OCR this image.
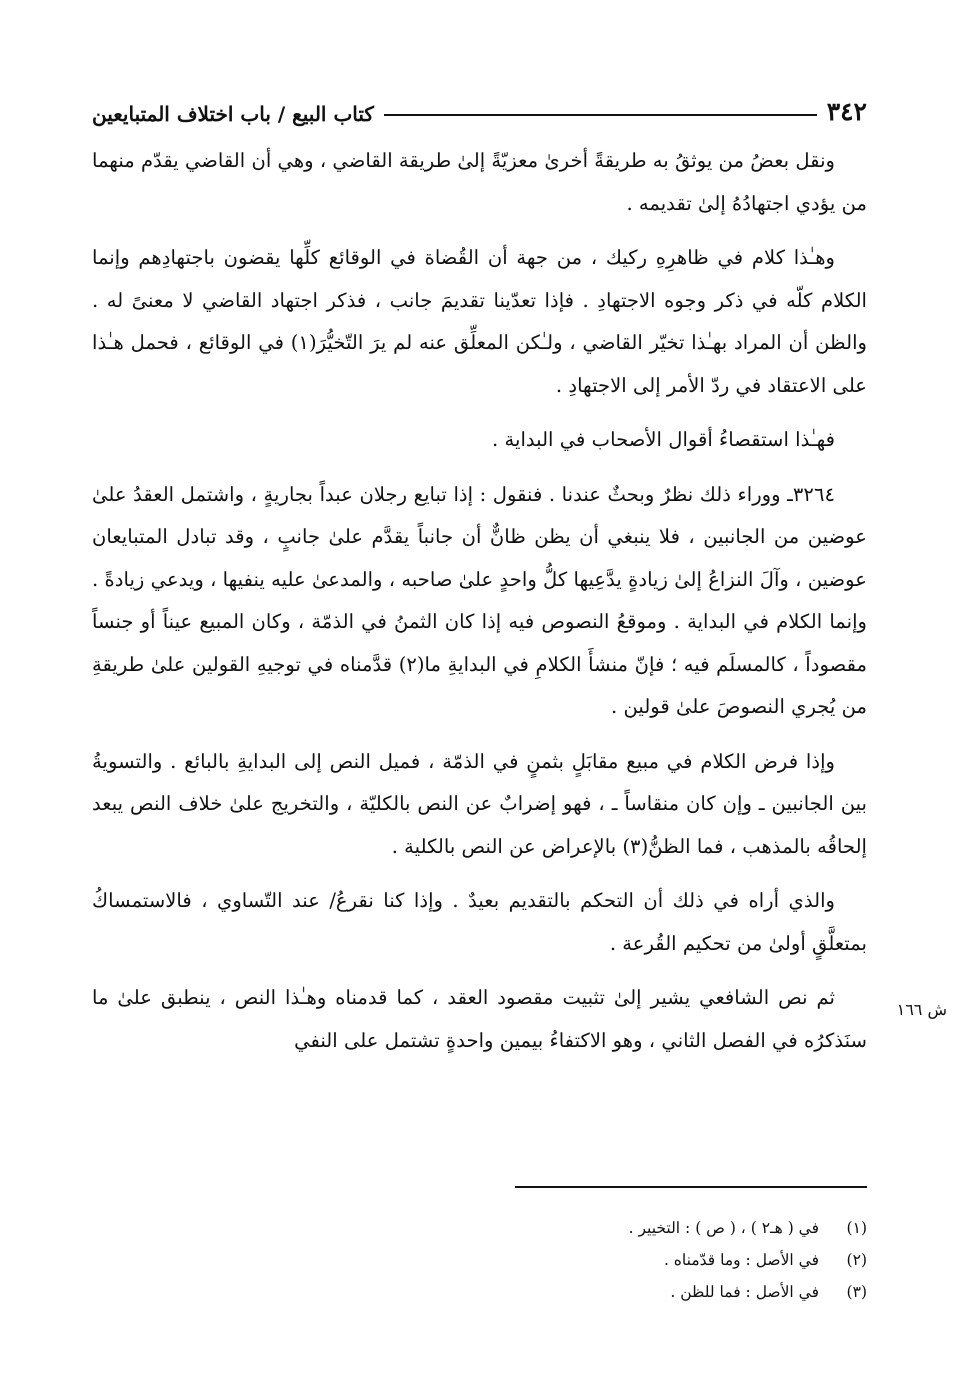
٣٤٢
كتاب البيع / باب اختلاف المتبايعين

ونقل بعضُ من يوثقُ به طريقةً أخرىٰ معزيّةً إلىٰ طريقة القاضي ، وهي أن القاضي يقدّم منهما من يؤدي اجتهادُهُ إلىٰ تقديمه .

وهـٰذا كلام في ظاهرِهِ ركيك ، من جهة أن القُضاة في الوقائع كلِّها يقضون باجتهادِهم وإنما الكلام كلّه في ذكر وجوه الاجتهادِ . فإذا تعدّينا تقديمَ جانب ، فذكر اجتهاد القاضي لا معنىً له . والظن أن المراد بهـٰذا تخيّر القاضي ، ولـٰكن المعلِّق عنه لم يرَ التّخيُّرَ(١) في الوقائع ، فحمل هـٰذا على الاعتقاد في ردّ الأمر إلى الاجتهادِ .

فهـٰذا استقصاءُ أقوال الأصحاب في البداية .

٣٢٦٤ـ ووراء ذلك نظرٌ وبحثٌ عندنا . فنقول : إذا تبايع رجلان عبداً بجاريةٍ ، واشتمل العقدُ علىٰ عوضين من الجانبين ، فلا ينبغي أن يظن ظانٌّ أن جانباً يقدَّم علىٰ جانبٍ ، وقد تبادل المتبايعان عوضين ، وآلَ النزاعُ إلىٰ زيادةٍ يدَّعِيها كلُّ واحدٍ علىٰ صاحبه ، والمدعىٰ عليه ينفيها ، ويدعي زيادةً . وإنما الكلام في البداية . وموقعُ النصوص فيه إذا كان الثمنُ في الذمّة ، وكان المبيع عيناً أو جنساً مقصوداً ، كالمسلَم فيه ؛ فإنّ منشأَ الكلامِ في البدايةِ ما(٢) قدَّمناه في توجيهِ القولين علىٰ طريقةِ من يُجري النصوصَ علىٰ قولين .

وإذا فرض الكلام في مبيع مقابَلٍ بثمنٍ في الذمّة ، فميل النص إلى البدايةِ بالبائع . والتسويةُ بين الجانبين ـ وإن كان منقاساً ـ ، فهو إضرابٌ عن النص بالكليّة ، والتخريج علىٰ خلاف النص يبعد إلحاقُه بالمذهب ، فما الظنُّ(٣) بالإعراض عن النص بالكلية .

والذي أراه في ذلك أن التحكم بالتقديم بعيدٌ . وإذا كنا نقرعُ/ عند التّساوي ، فالاستمساكُ بمتعلَّقٍ أولىٰ من تحكيم القُرعة .

ثم نص الشافعي يشير إلىٰ تثبيت مقصود العقد ، كما قدمناه وهـٰذا النص ، ينطبق علىٰ ما سنَذكرُه في الفصل الثاني ، وهو الاكتفاءُ بيمين واحدةٍ تشتمل على النفي

ش ١٦٦
(١)
في ( هـ٢ ) ، ( ص ) : التخيير .
(٢)
في الأصل : وما قدّمناه .
(٣)
في الأصل : فما للظن .
